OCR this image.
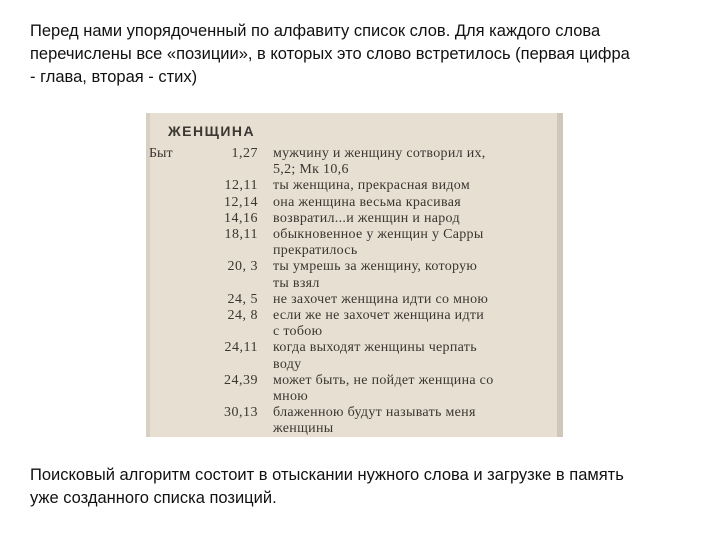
Перед нами упорядоченный по алфавиту список слов. Для каждого слова
перечислены все «позиции», в которых это слово встретилось (первая цифра
- глава, вторая - стих)
ЖЕНЩИНА
Быт	1,27 мужчину и женщину сотворил их,
5,2; Мк 10,6
12,11 ты женщина, прекрасная видом
12,14 она женщина весьма красивая
14,16 возвратил...и женщин и народ
18,11 обыкновенное у женщин у Сарры
прекратилось
20, 3 ты умрешь за женщину, которую
ты взял
24, 5 не захочет женщина идти со мною
24, 8 если же не захочет женщина идти
с тобою
24,11 когда выходят женщины черпать
воду
24,39 может быть, не пойдет женщина со
мною
30,13 блаженною будут называть меня
женщины
Поисковый алгоритм состоит в отыскании нужного слова и загрузке в память
уже созданного списка позиций.
